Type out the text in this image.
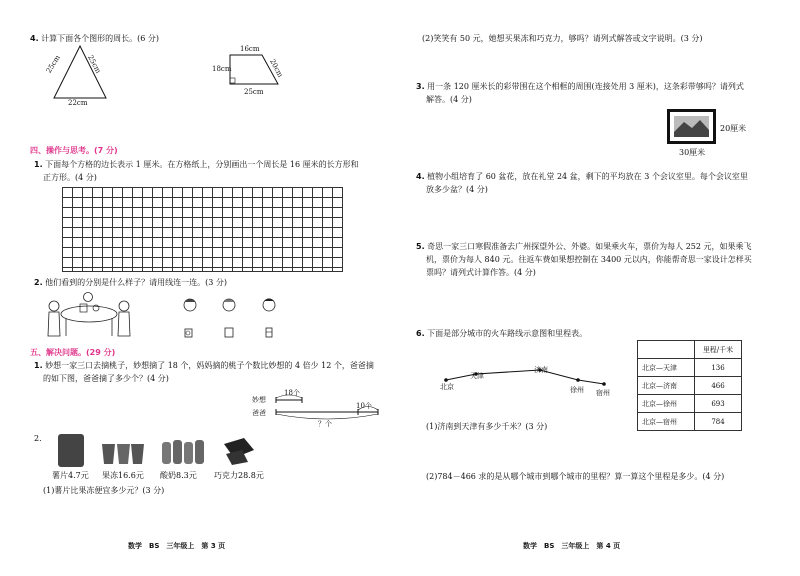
4. 计算下面各个图形的周长。(6 分)
25cm	25cm
22cm
16cm
18cm	20cm
25cm
四、操作与思考。(7 分)
1. 下面每个方格的边长表示 1 厘米。在方格纸上，分别画出一个周长是 16 厘米的长方形和
正方形。(4 分)
2. 他们看到的分别是什么样子？请用线连一连。(3 分)
五、解决问题。(29 分)
1. 妙想一家三口去摘桃子，妙想摘了 18 个，妈妈摘的桃子个数比妙想的 4 倍少 12 个，爸爸摘
的如下图，爸爸摘了多少个？(4 分)
18个
妙想
爸爸
10个
？个
2.
薯片4.7元 果冻16.6元 酸奶8.3元 巧克力28.8元
(1)薯片比果冻便宜多少元？(3 分)
数学　BS　三年级上　第 3 页
(2)笑笑有 50 元，她想买果冻和巧克力，够吗？请列式解答或文字说明。(3 分)
3. 用一条 120 厘米长的彩带围在这个相框的周围(连接处用 3 厘米)，这条彩带够吗？请列式
解答。(4 分)
20厘米
30厘米
4. 植物小组培育了 60 盆花，放在礼堂 24 盆，剩下的平均放在 3 个会议室里。每个会议室里
放多少盆？(4 分)
5. 奇思一家三口寒假准备去广州探望外公、外婆。如果乘火车，票价为每人 252 元，如果乘飞
机，票价为每人 840 元。往返车费如果想控制在 3400 元以内，你能帮奇思一家设计怎样买
票吗？请列式计算作答。(4 分)
6. 下面是部分城市的火车路线示意图和里程表。
北京
天津
济南
徐州 宿州
	里程/千米
北京—天津	136
北京—济南	466
北京—徐州	693
北京—宿州	784
(1)济南到天津有多少千米？(3 分)
(2)784－466 求的是从哪个城市到哪个城市的里程？算一算这个里程是多少。(4 分)
数学　BS　三年级上　第 4 页
